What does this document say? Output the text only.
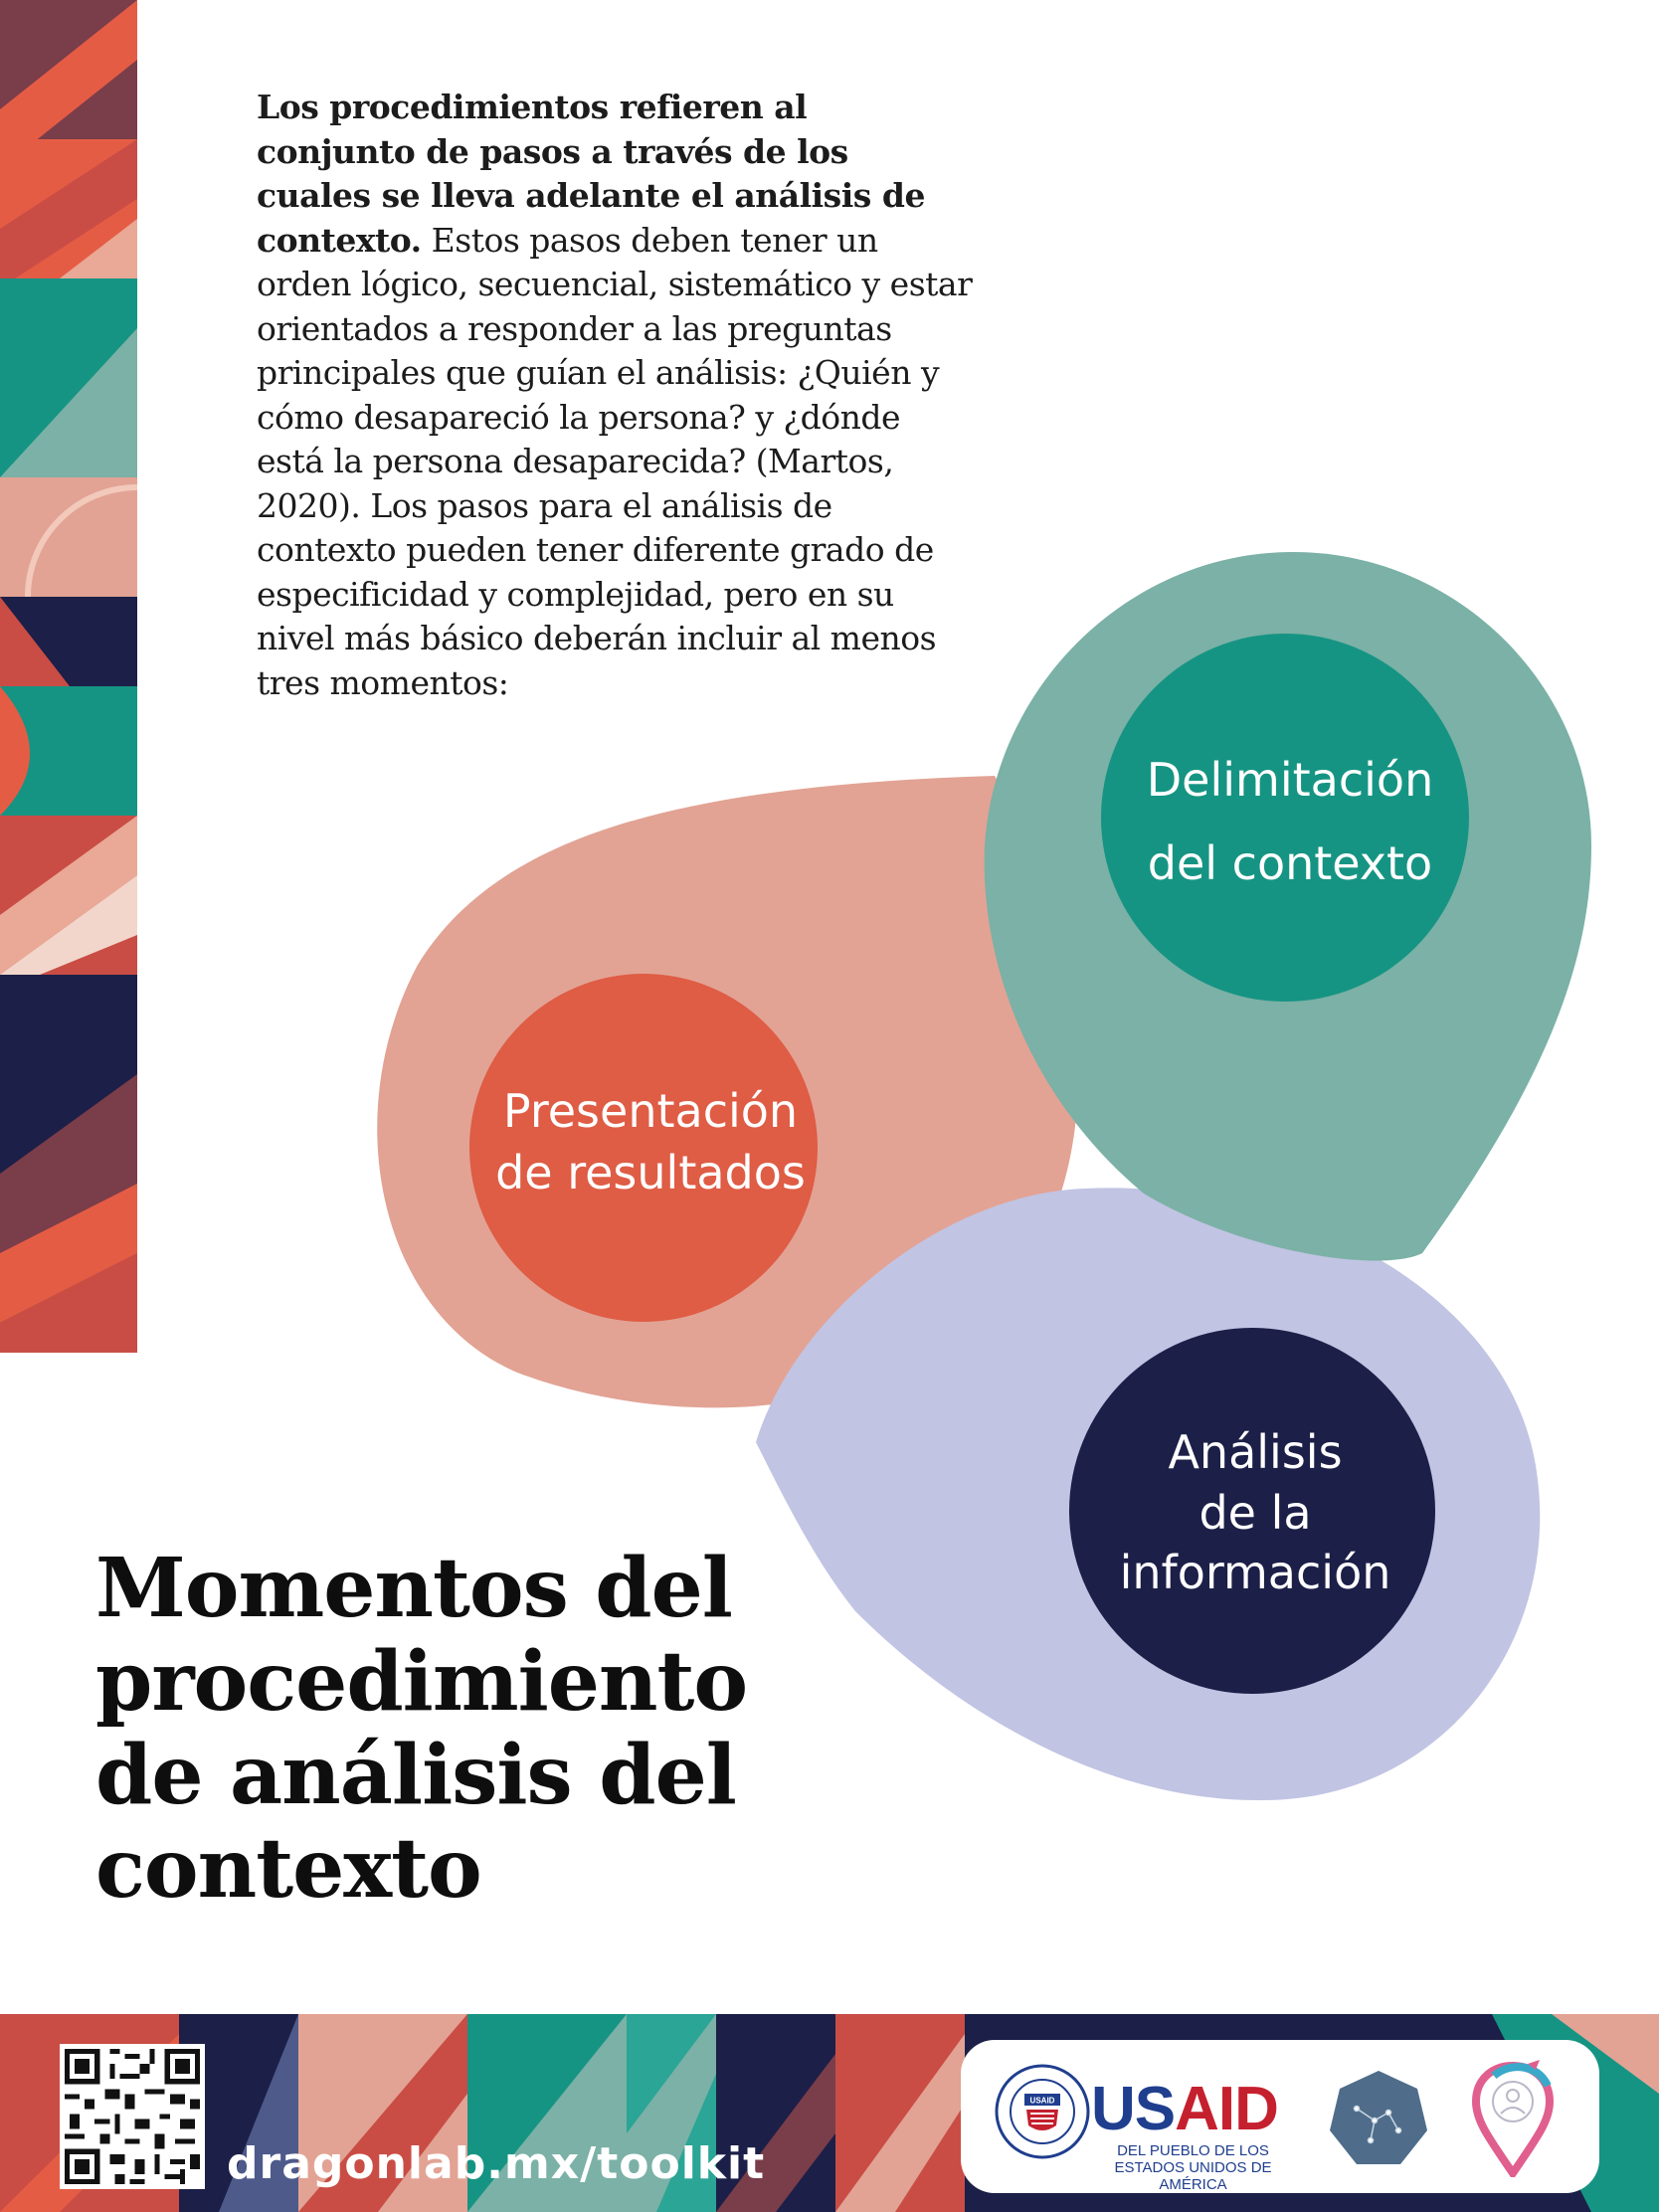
Los procedimientos refieren al conjunto de pasos a través de los cuales se lleva adelante el análisis de contexto. Estos pasos deben tener un orden lógico, secuencial, sistemático y estar orientados a responder a las preguntas principales que guían el análisis: ¿Quién y cómo desapareció la persona? y ¿dónde está la persona desaparecida? (Martos, 2020). Los pasos para el análisis de contexto pueden tener diferente grado de especificidad y complejidad, pero en su nivel más básico deberán incluir al menos tres momentos:

Delimitación
del contexto
Presentación
de resultados
Análisis
de la
información
Momentos del procedimiento de análisis del contexto
dragonlab.mx/toolkit
USAID USAID
DEL PUEBLO DE LOS ESTADOS UNIDOS DE AMÉRICA
